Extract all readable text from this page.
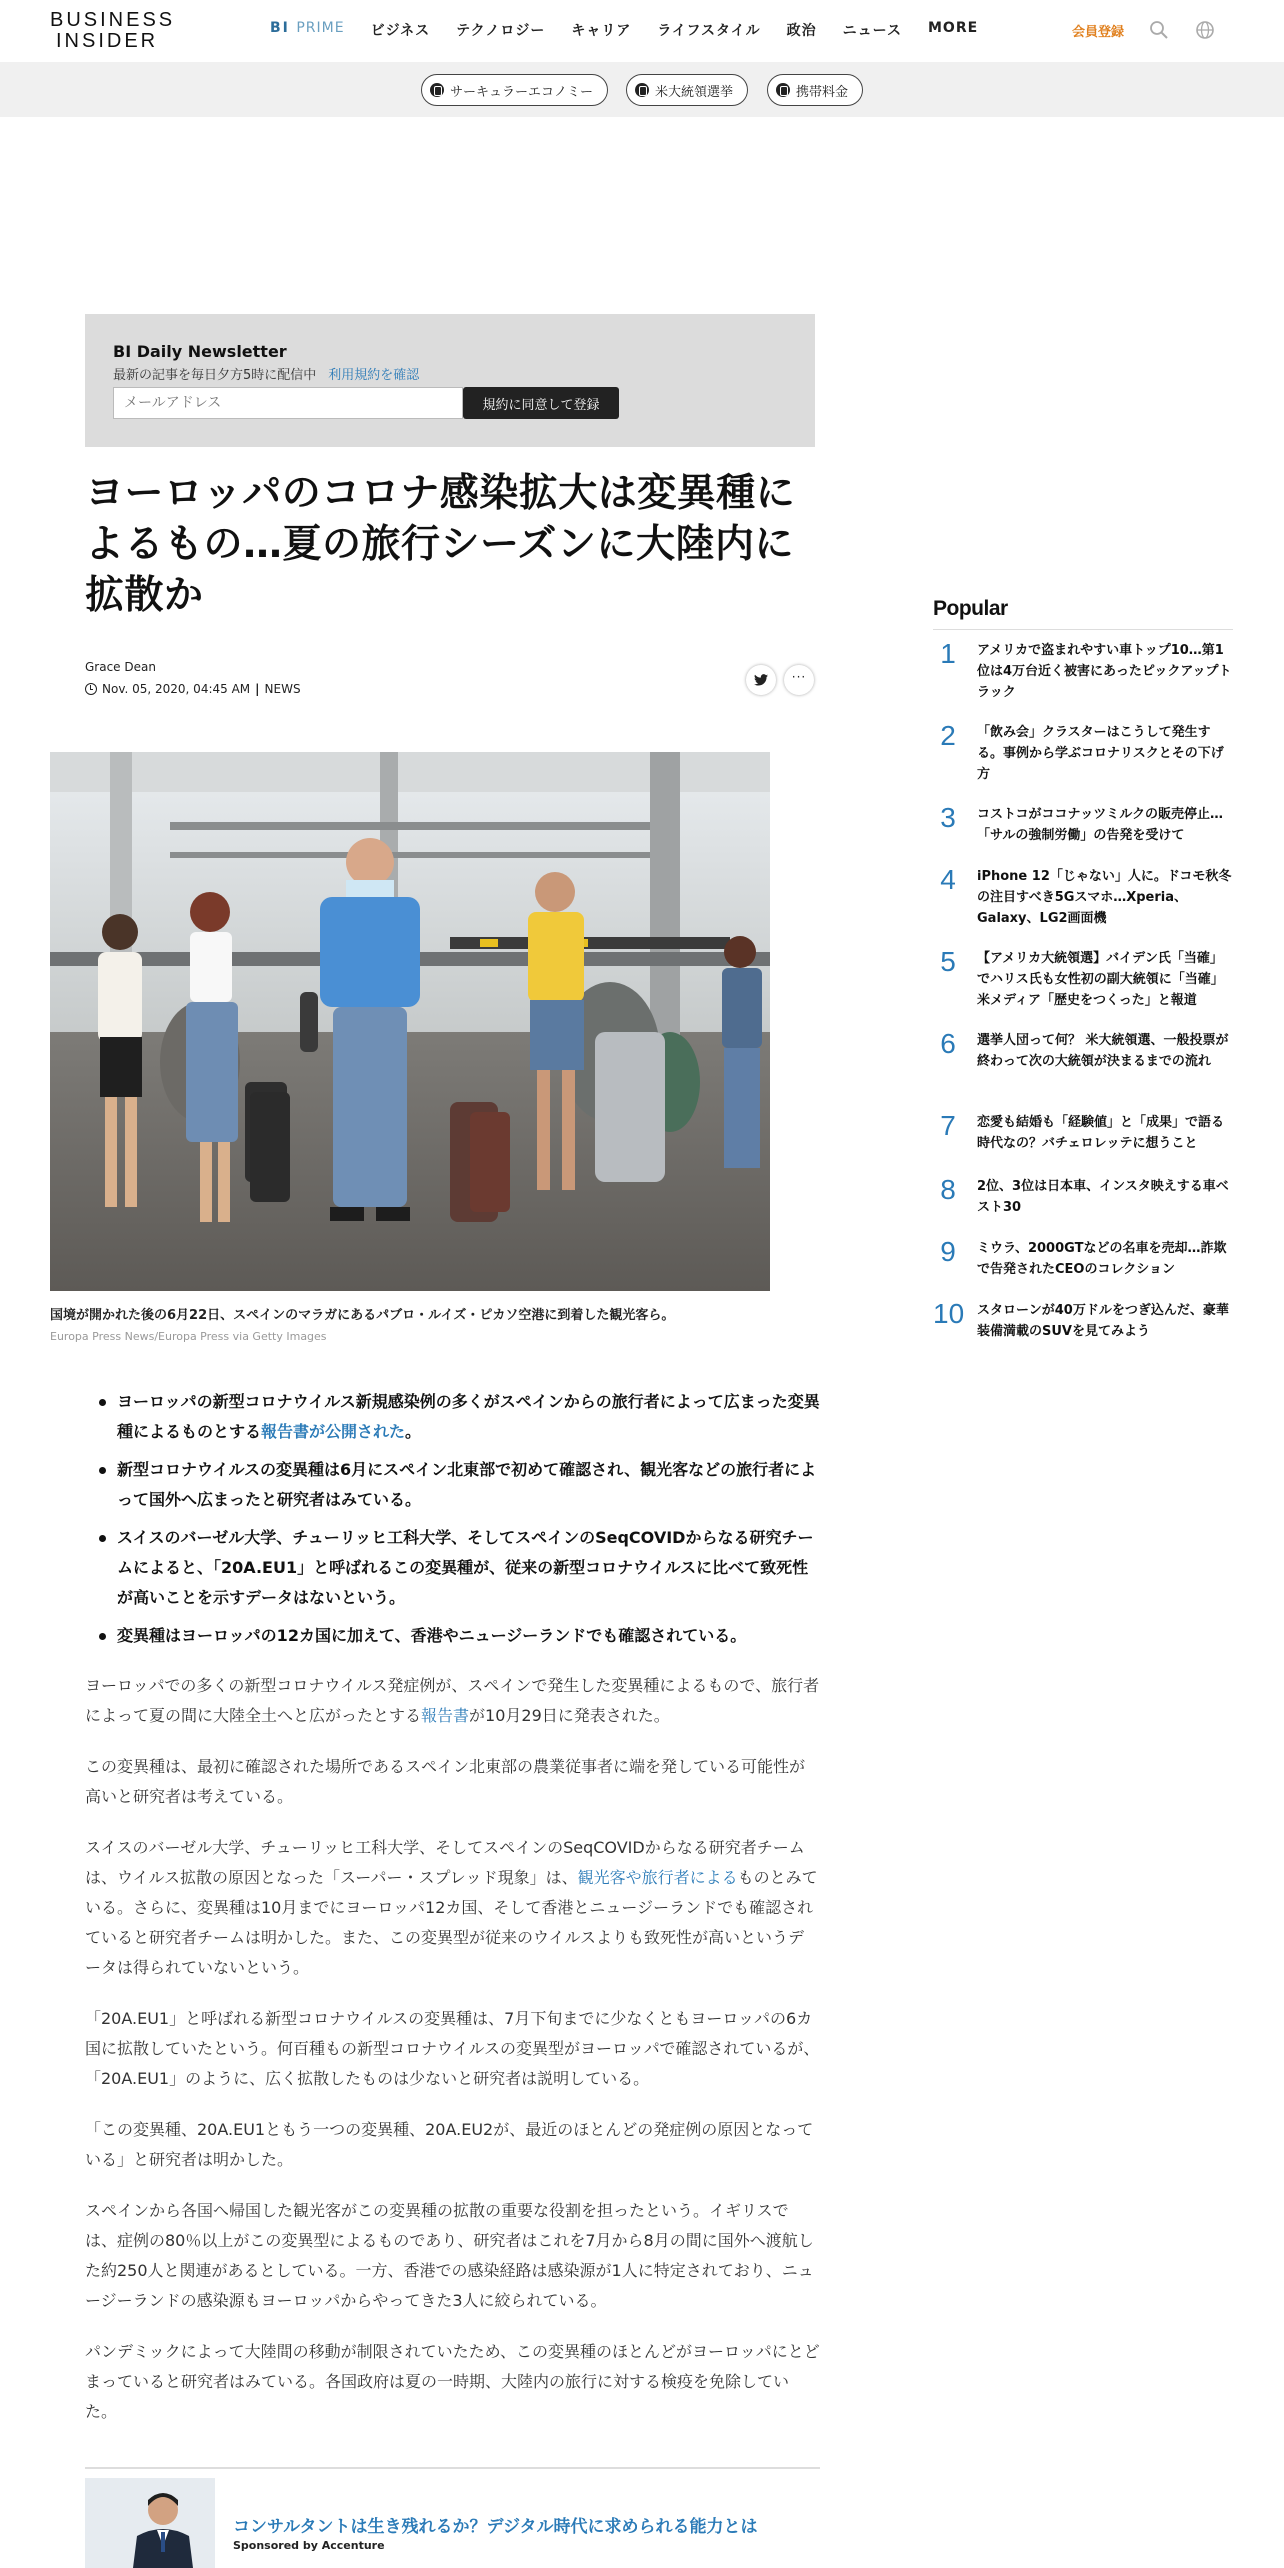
BUSINESS
INSIDER
BI PRIME ビジネス テクノロジー キャリア ライフスタイル 政治 ニュース MORE	会員登録
サーキュラーエコノミー	米大統領選挙	携帯料金
BI Daily Newsletter
最新の記事を毎日夕方5時に配信中 利用規約を確認
メールアドレス
規約に同意して登録
ヨーロッパのコロナ感染拡大は変異種によるもの…夏の旅行シーズンに大陸内に拡散か
Grace Dean
Nov. 05, 2020, 04:45 AM | NEWS
···
国境が開かれた後の6月22日、スペインのマラガにあるパブロ・ルイズ・ピカソ空港に到着した観光客ら。
Europa Press News/Europa Press via Getty Images
ヨーロッパの新型コロナウイルス新規感染例の多くがスペインからの旅行者によって広まった変異種によるものとする報告書が公開された。
新型コロナウイルスの変異種は6月にスペイン北東部で初めて確認され、観光客などの旅行者によって国外へ広まったと研究者はみている。
スイスのバーゼル大学、チューリッヒ工科大学、そしてスペインのSeqCOVIDからなる研究チームによると、「20A.EU1」と呼ばれるこの変異種が、従来の新型コロナウイルスに比べて致死性が高いことを示すデータはないという。
変異種はヨーロッパの12カ国に加えて、香港やニュージーランドでも確認されている。

ヨーロッパでの多くの新型コロナウイルス発症例が、スペインで発生した変異種によるもので、旅行者によって夏の間に大陸全土へと広がったとする報告書が10月29日に発表された。

この変異種は、最初に確認された場所であるスペイン北東部の農業従事者に端を発している可能性が高いと研究者は考えている。

スイスのバーゼル大学、チューリッヒ工科大学、そしてスペインのSeqCOVIDからなる研究者チームは、ウイルス拡散の原因となった「スーパー・スプレッド現象」は、観光客や旅行者によるものとみている。さらに、変異種は10月までにヨーロッパ12カ国、そして香港とニュージーランドでも確認されていると研究者チームは明かした。また、この変異型が従来のウイルスよりも致死性が高いというデータは得られていないという。

「20A.EU1」と呼ばれる新型コロナウイルスの変異種は、7月下旬までに少なくともヨーロッパの6カ国に拡散していたという。何百種もの新型コロナウイルスの変異型がヨーロッパで確認されているが、「20A.EU1」のように、広く拡散したものは少ないと研究者は説明している。

「この変異種、20A.EU1ともう一つの変異種、20A.EU2が、最近のほとんどの発症例の原因となっている」と研究者は明かした。

スペインから各国へ帰国した観光客がこの変異種の拡散の重要な役割を担ったという。イギリスでは、症例の80％以上がこの変異型によるものであり、研究者はこれを7月から8月の間に国外へ渡航した約250人と関連があるとしている。一方、香港での感染経路は感染源が1人に特定されており、ニュージーランドの感染源もヨーロッパからやってきた3人に絞られている。

パンデミックによって大陸間の移動が制限されていたため、この変異種のほとんどがヨーロッパにとどまっていると研究者はみている。各国政府は夏の一時期、大陸内の旅行に対する検疫を免除していた。

Popular
1	アメリカで盗まれやすい車トップ10…第1位は4万台近く被害にあったピックアップトラック
2	「飲み会」クラスターはこうして発生する。事例から学ぶコロナリスクとその下げ方
3	コストコがココナッツミルクの販売停止…「サルの強制労働」の告発を受けて
4	iPhone 12「じゃない」人に。ドコモ秋冬の注目すべき5Gスマホ…Xperia、Galaxy、LG2画面機
5	【アメリカ大統領選】バイデン氏「当確」でハリス氏も女性初の副大統領に「当確」 米メディア「歴史をつくった」と報道
6	選挙人団って何？ 米大統領選、一般投票が終わって次の大統領が決まるまでの流れ
7	恋愛も結婚も「経験値」と「成果」で語る時代なの？バチェロレッテに想うこと
8	2位、3位は日本車、インスタ映えする車ベスト30
9	ミウラ、2000GTなどの名車を売却…詐欺で告発されたCEOのコレクション
10 スタローンが40万ドルをつぎ込んだ、豪華装備満載のSUVを見てみよう
コンサルタントは生き残れるか？デジタル時代に求められる能力とは
Sponsored by Accenture
